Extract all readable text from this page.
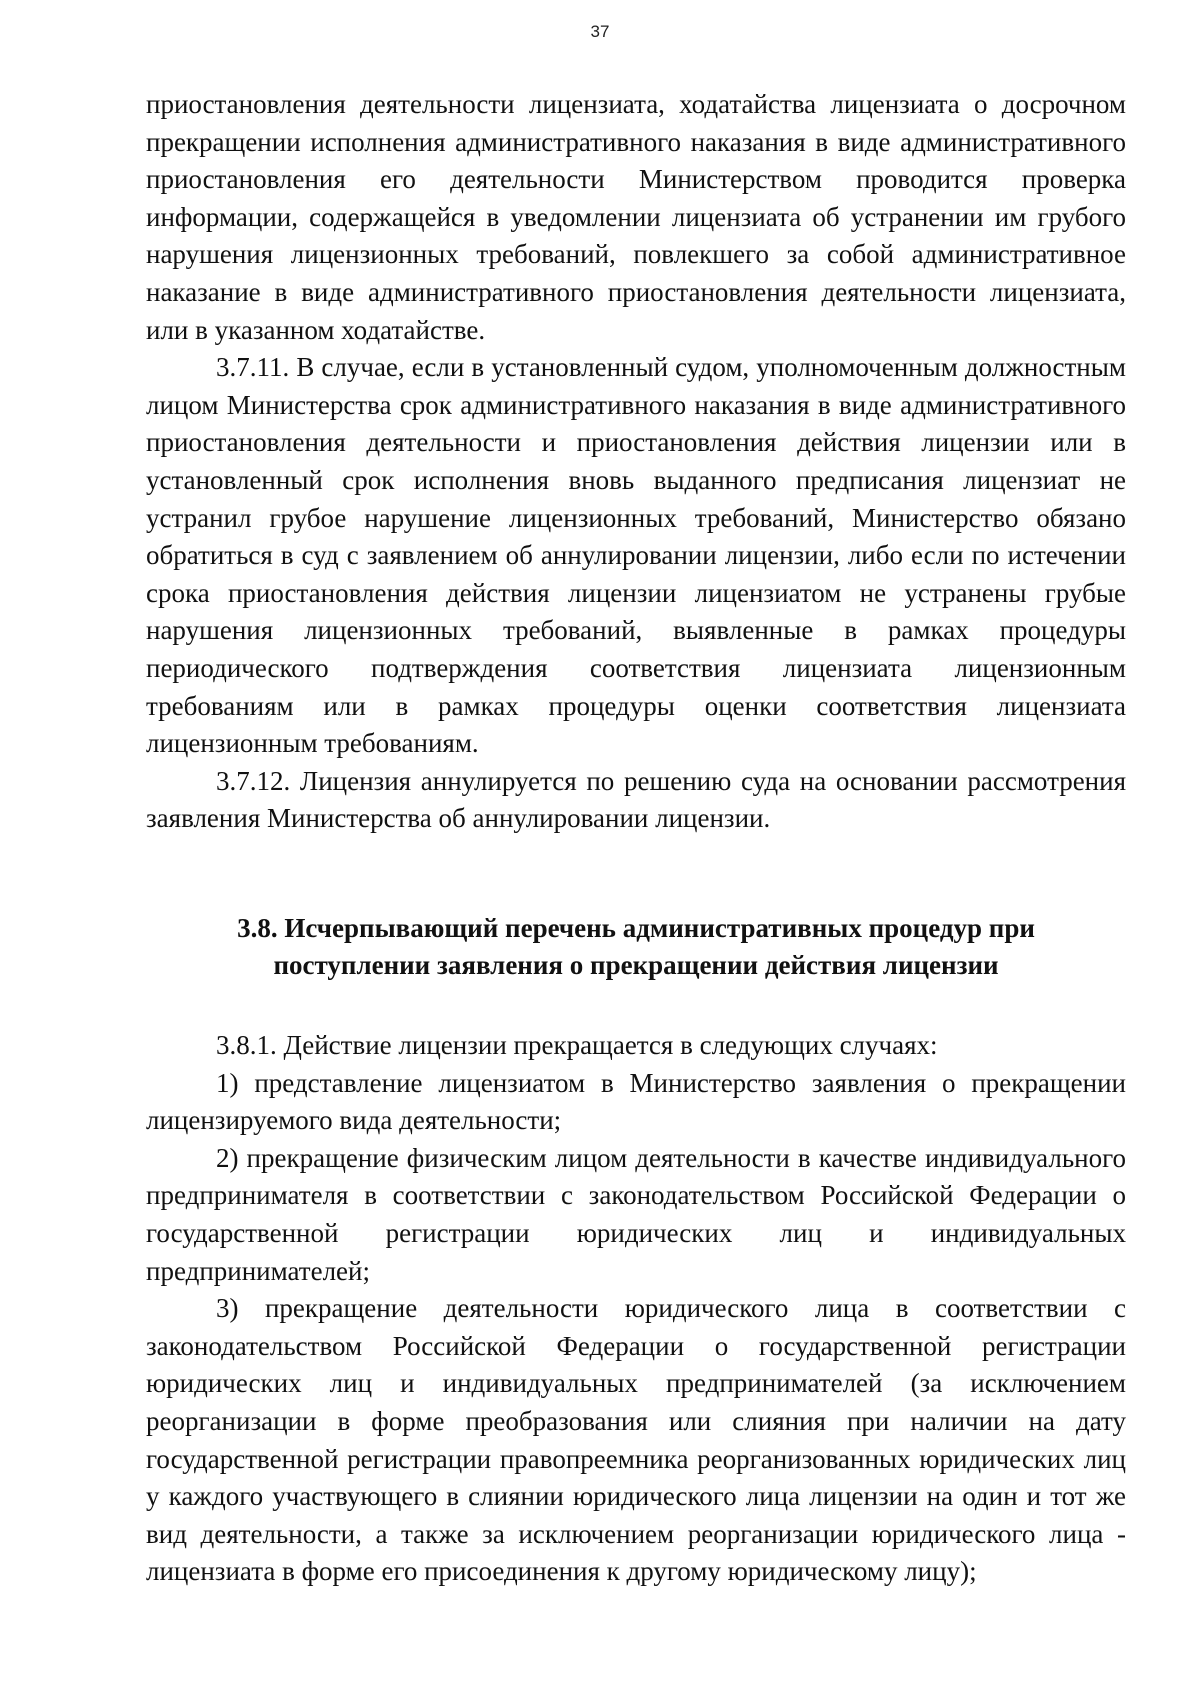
37

приостановления деятельности лицензиата, ходатайства лицензиата о досрочном прекращении исполнения административного наказания в виде административного приостановления его деятельности Министерством проводится проверка информации, содержащейся в уведомлении лицензиата об устранении им грубого нарушения лицензионных требований, повлекшего за собой административное наказание в виде административного приостановления деятельности лицензиата, или в указанном ходатайстве.

3.7.11. В случае, если в установленный судом, уполномоченным должностным лицом Министерства срок административного наказания в виде административного приостановления деятельности и приостановления действия лицензии или в установленный срок исполнения вновь выданного предписания лицензиат не устранил грубое нарушение лицензионных требований, Министерство обязано обратиться в суд с заявлением об аннулировании лицензии, либо если по истечении срока приостановления действия лицензии лицензиатом не устранены грубые нарушения лицензионных требований, выявленные в рамках процедуры периодического подтверждения соответствия лицензиата лицензионным требованиям или в рамках процедуры оценки соответствия лицензиата лицензионным требованиям.

3.7.12. Лицензия аннулируется по решению суда на основании рассмотрения заявления Министерства об аннулировании лицензии.

3.8. Исчерпывающий перечень административных процедур при
поступлении заявления о прекращении действия лицензии

3.8.1. Действие лицензии прекращается в следующих случаях:

1) представление лицензиатом в Министерство заявления о прекращении лицензируемого вида деятельности;

2) прекращение физическим лицом деятельности в качестве индивидуального предпринимателя в соответствии с законодательством Российской Федерации о государственной регистрации юридических лиц и индивидуальных предпринимателей;

3) прекращение деятельности юридического лица в соответствии с законодательством Российской Федерации о государственной регистрации юридических лиц и индивидуальных предпринимателей (за исключением реорганизации в форме преобразования или слияния при наличии на дату государственной регистрации правопреемника реорганизованных юридических лиц у каждого участвующего в слиянии юридического лица лицензии на один и тот же вид деятельности, а также за исключением реорганизации юридического лица - лицензиата в форме его присоединения к другому юридическому лицу);
